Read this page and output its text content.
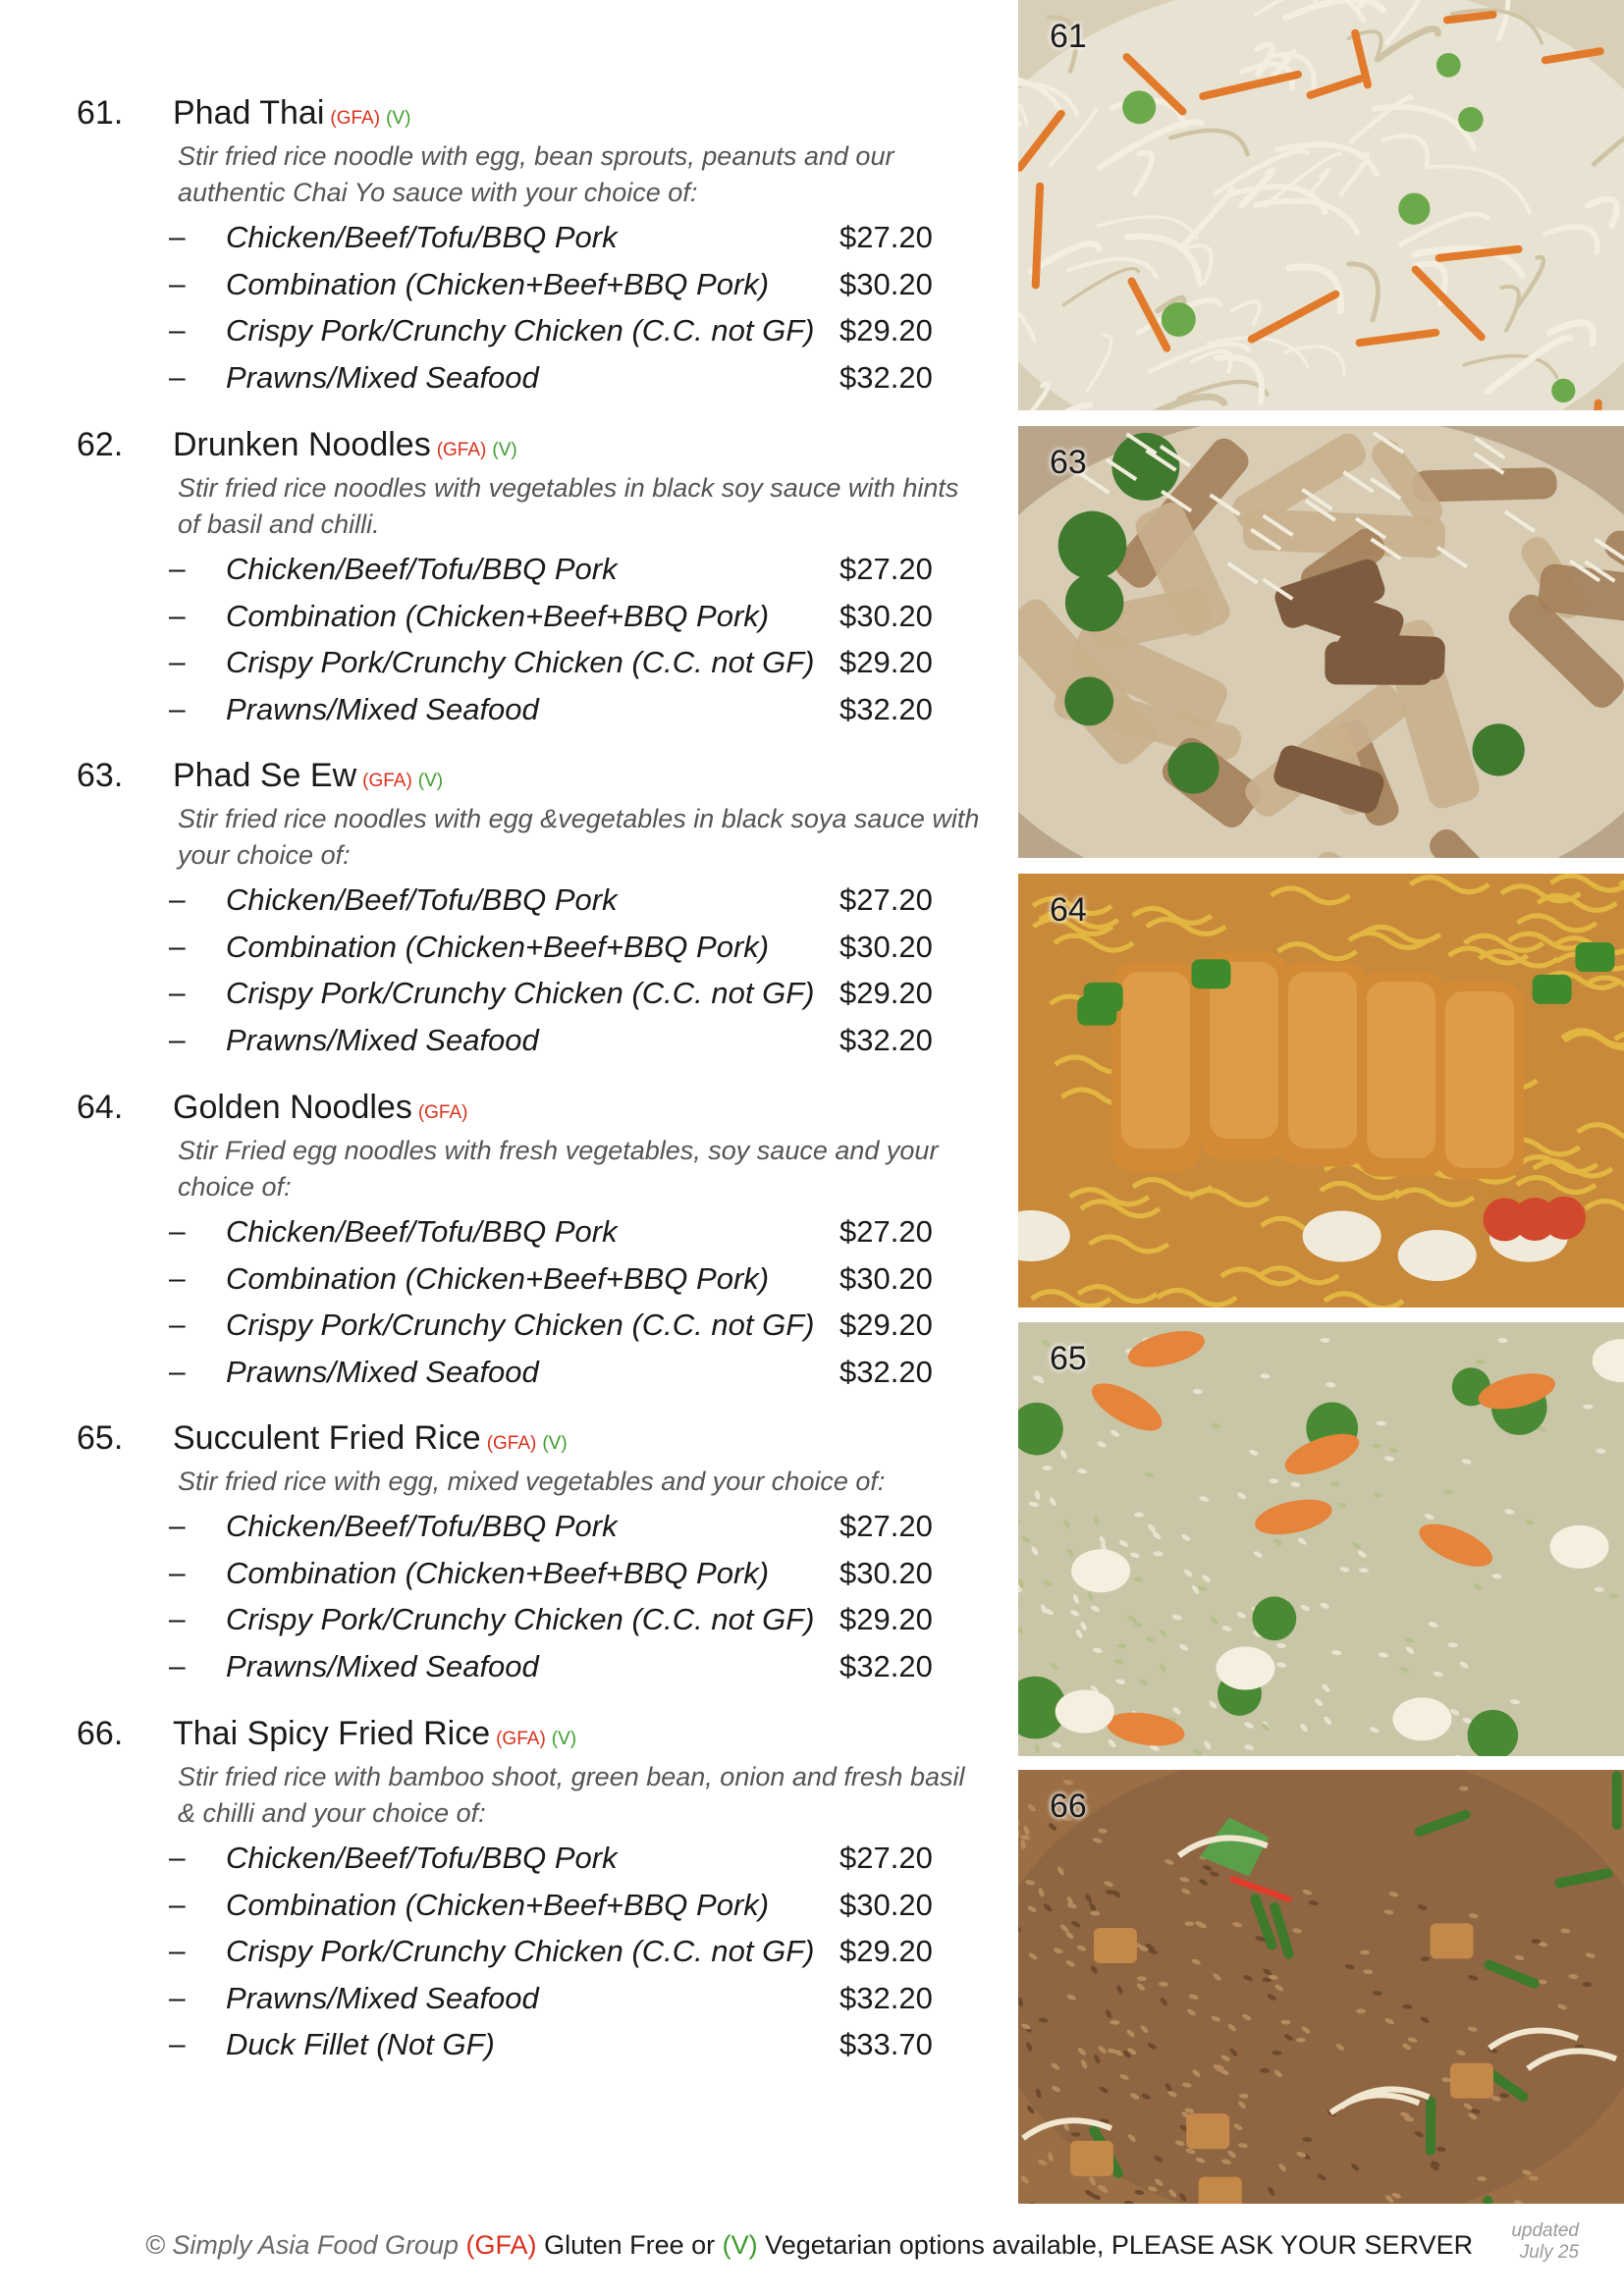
61. Phad Thai (GFA) (V)
Stir fried rice noodle with egg, bean sprouts, peanuts and our authentic Chai Yo sauce with your choice of:
– Chicken/Beef/Tofu/BBQ Pork	$27.20
– Combination (Chicken+Beef+BBQ Pork) $30.20
– Crispy Pork/Crunchy Chicken (C.C. not GF) $29.20
– Prawns/Mixed Seafood	$32.20
62. Drunken Noodles (GFA) (V)
Stir fried rice noodles with vegetables in black soy sauce with hints of basil and chilli.
– Chicken/Beef/Tofu/BBQ Pork	$27.20
– Combination (Chicken+Beef+BBQ Pork) $30.20
– Crispy Pork/Crunchy Chicken (C.C. not GF) $29.20
– Prawns/Mixed Seafood	$32.20
63. Phad Se Ew (GFA) (V)
Stir fried rice noodles with egg &vegetables in black soya sauce with your choice of:
– Chicken/Beef/Tofu/BBQ Pork	$27.20
– Combination (Chicken+Beef+BBQ Pork) $30.20
– Crispy Pork/Crunchy Chicken (C.C. not GF) $29.20
– Prawns/Mixed Seafood	$32.20
64. Golden Noodles (GFA)
Stir Fried egg noodles with fresh vegetables, soy sauce and your choice of:
– Chicken/Beef/Tofu/BBQ Pork	$27.20
– Combination (Chicken+Beef+BBQ Pork) $30.20
– Crispy Pork/Crunchy Chicken (C.C. not GF) $29.20
– Prawns/Mixed Seafood	$32.20
65. Succulent Fried Rice (GFA) (V)
Stir fried rice with egg, mixed vegetables and your choice of:
– Chicken/Beef/Tofu/BBQ Pork	$27.20
– Combination (Chicken+Beef+BBQ Pork) $30.20
– Crispy Pork/Crunchy Chicken (C.C. not GF) $29.20
– Prawns/Mixed Seafood	$32.20
66. Thai Spicy Fried Rice (GFA) (V)
Stir fried rice with bamboo shoot, green bean, onion and fresh basil & chilli and your choice of:
– Chicken/Beef/Tofu/BBQ Pork	$27.20
– Combination (Chicken+Beef+BBQ Pork) $30.20
– Crispy Pork/Crunchy Chicken (C.C. not GF) $29.20
– Prawns/Mixed Seafood	$32.20
– Duck Fillet (Not GF)	$33.70
61
63
64
65
66
© Simply Asia Food Group (GFA) Gluten Free or (V) Vegetarian options available, PLEASE ASK YOUR SERVER	updated
July 25
